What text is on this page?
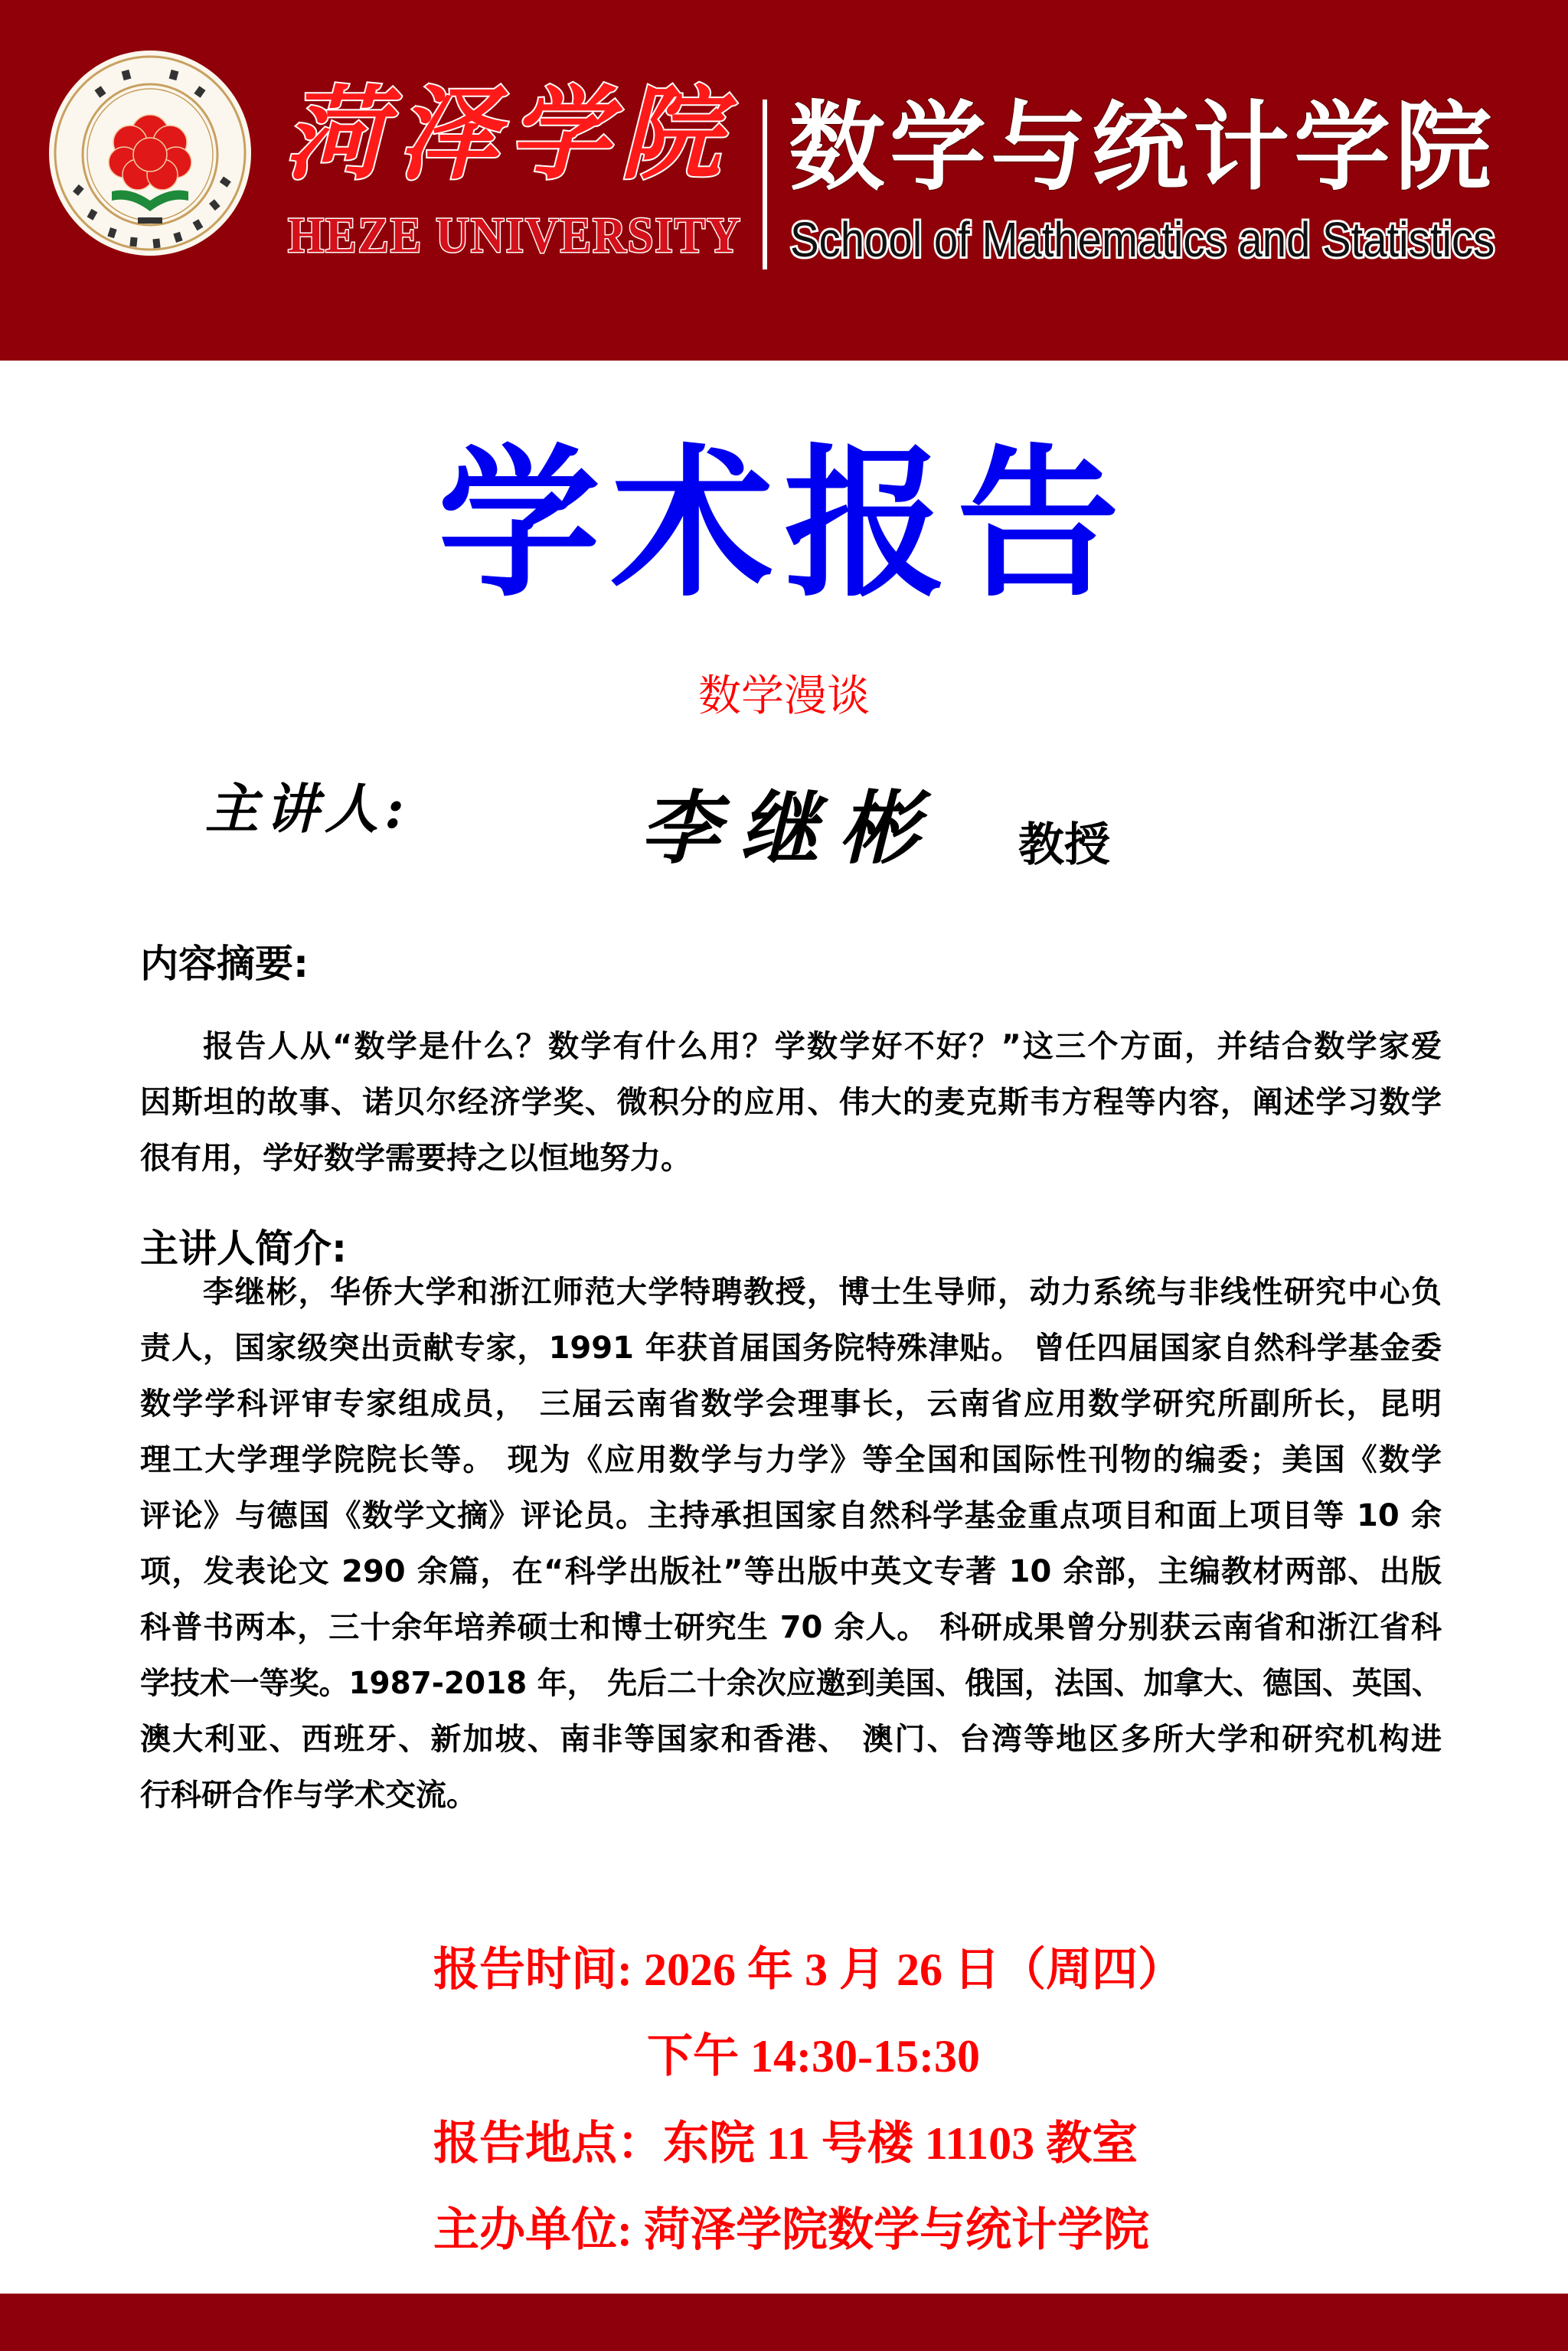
菏泽学院
HEZE UNIVERSITY
数学与统计学院
School of Mathematics and Statistics
学术报告
数学漫谈
主讲人:	李继彬 教授
内容摘要:
报告人从“数学是什么？数学有什么用？学数学好不好？”这三个方面，并结合数学家爱
因斯坦的故事、诺贝尔经济学奖、微积分的应用、伟大的麦克斯韦方程等内容，阐述学习数学
很有用，学好数学需要持之以恒地努力。
主讲人简介:
李继彬，华侨大学和浙江师范大学特聘教授，博士生导师，动力系统与非线性研究中心负
责人，国家级突出贡献专家，1991 年获首届国务院特殊津贴。 曾任四届国家自然科学基金委
数学学科评审专家组成员， 三届云南省数学会理事长，云南省应用数学研究所副所长，昆明
理工大学理学院院长等。 现为《应用数学与力学》等全国和国际性刊物的编委；美国《数学
评论》与德国《数学文摘》评论员。主持承担国家自然科学基金重点项目和面上项目等 10 余
项，发表论文 290 余篇，在“科学出版社”等出版中英文专著 10 余部，主编教材两部、出版
科普书两本，三十余年培养硕士和博士研究生 70 余人。 科研成果曾分别获云南省和浙江省科
学技术一等奖。1987-2018 年， 先后二十余次应邀到美国、俄国，法国、加拿大、德国、英国、
澳大利亚、西班牙、新加坡、南非等国家和香港、 澳门、台湾等地区多所大学和研究机构进
行科研合作与学术交流。
报告时间: 2026 年 3 月 26 日（周四）
下午 14:30-15:30
报告地点：东院 11 号楼 11103 教室
主办单位: 菏泽学院数学与统计学院
